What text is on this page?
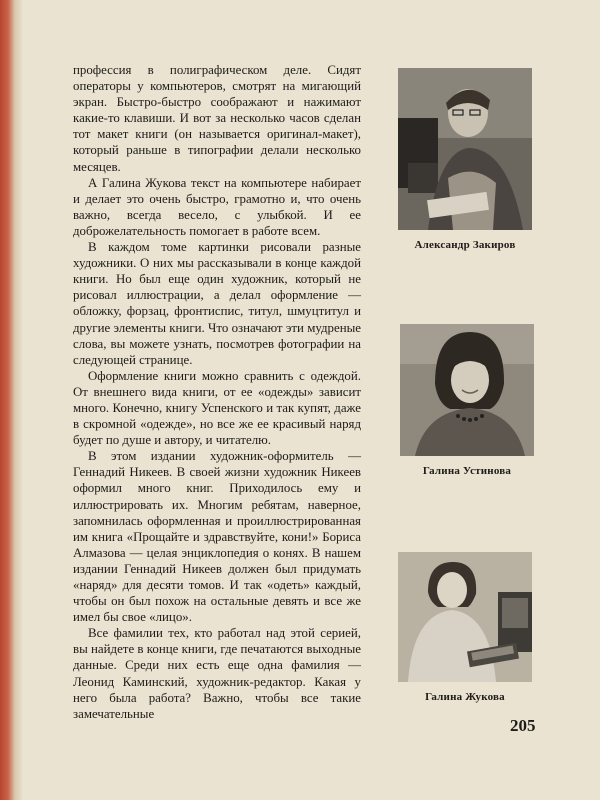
профессия в полиграфическом деле. Сидят операторы у компьютеров, смотрят на мигающий экран. Быстро-быстро соображают и нажимают какие-то клавиши. И вот за несколько часов сделан тот макет книги (он называется оригинал-макет), который раньше в типографии делали несколько месяцев.

А Галина Жукова текст на компьютере набирает и делает это очень быстро, грамотно и, что очень важно, всегда весело, с улыбкой. И ее доброжелательность помогает в работе всем.

В каждом томе картинки рисовали разные художники. О них мы рассказывали в конце каждой книги. Но был еще один художник, который не рисовал иллюстрации, а делал оформление — обложку, форзац, фронтиспис, титул, шмуцтитул и другие элементы книги. Что означают эти мудреные слова, вы можете узнать, посмотрев фотографии на следующей странице.

Оформление книги можно сравнить с одеждой. От внешнего вида книги, от ее «одежды» зависит много. Конечно, книгу Успенского и так купят, даже в скромной «одежде», но все же ее красивый наряд будет по душе и автору, и читателю.

В этом издании художник-оформитель — Геннадий Никеев. В своей жизни художник Никеев оформил много книг. Приходилось ему и иллюстрировать их. Многим ребятам, наверное, запомнилась оформленная и проиллюстрированная им книга «Прощайте и здравствуйте, кони!» Бориса Алмазова — целая энциклопедия о конях. В нашем издании Геннадий Никеев должен был придумать «наряд» для десяти томов. И так «одеть» каждый, чтобы он был похож на остальные девять и все же имел бы свое «лицо».

Все фамилии тех, кто работал над этой серией, вы найдете в конце книги, где печатаются выходные данные. Среди них есть еще одна фамилия — Леонид Каминский, художник-редактор. Какая у него была работа? Важно, чтобы все такие замечательные

Александр Закиров
Галина Устинова
Галина Жукова
205
